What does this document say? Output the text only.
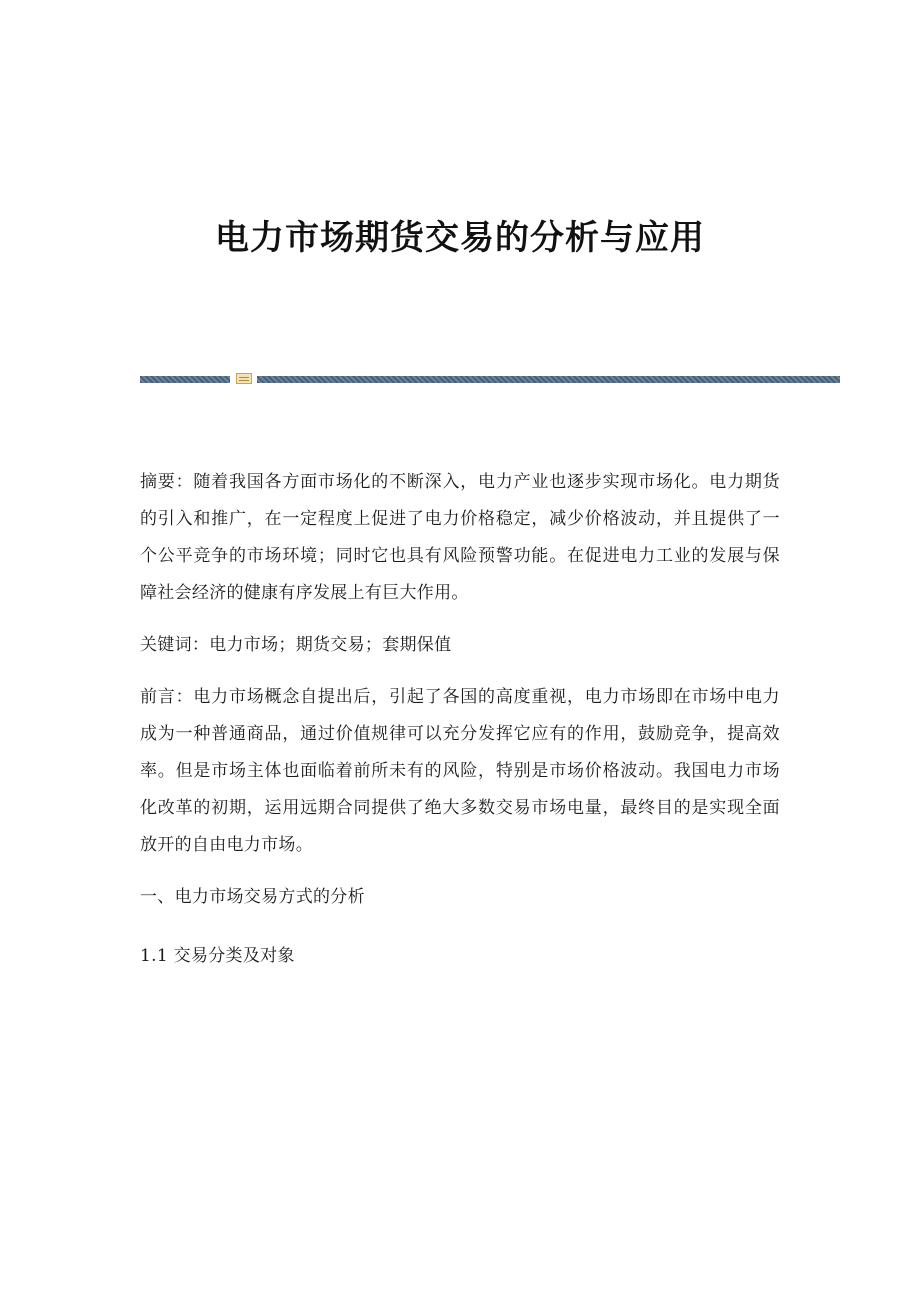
电力市场期货交易的分析与应用

摘要：随着我国各方面市场化的不断深入，电力产业也逐步实现市场化。电力期货的引入和推广，在一定程度上促进了电力价格稳定，减少价格波动，并且提供了一个公平竞争的市场环境；同时它也具有风险预警功能。在促进电力工业的发展与保障社会经济的健康有序发展上有巨大作用。

关键词：电力市场；期货交易；套期保值

前言：电力市场概念自提出后，引起了各国的高度重视，电力市场即在市场中电力成为一种普通商品，通过价值规律可以充分发挥它应有的作用，鼓励竞争，提高效率。但是市场主体也面临着前所未有的风险，特别是市场价格波动。我国电力市场化改革的初期，运用远期合同提供了绝大多数交易市场电量，最终目的是实现全面放开的自由电力市场。

一、电力市场交易方式的分析

1.1 交易分类及对象
